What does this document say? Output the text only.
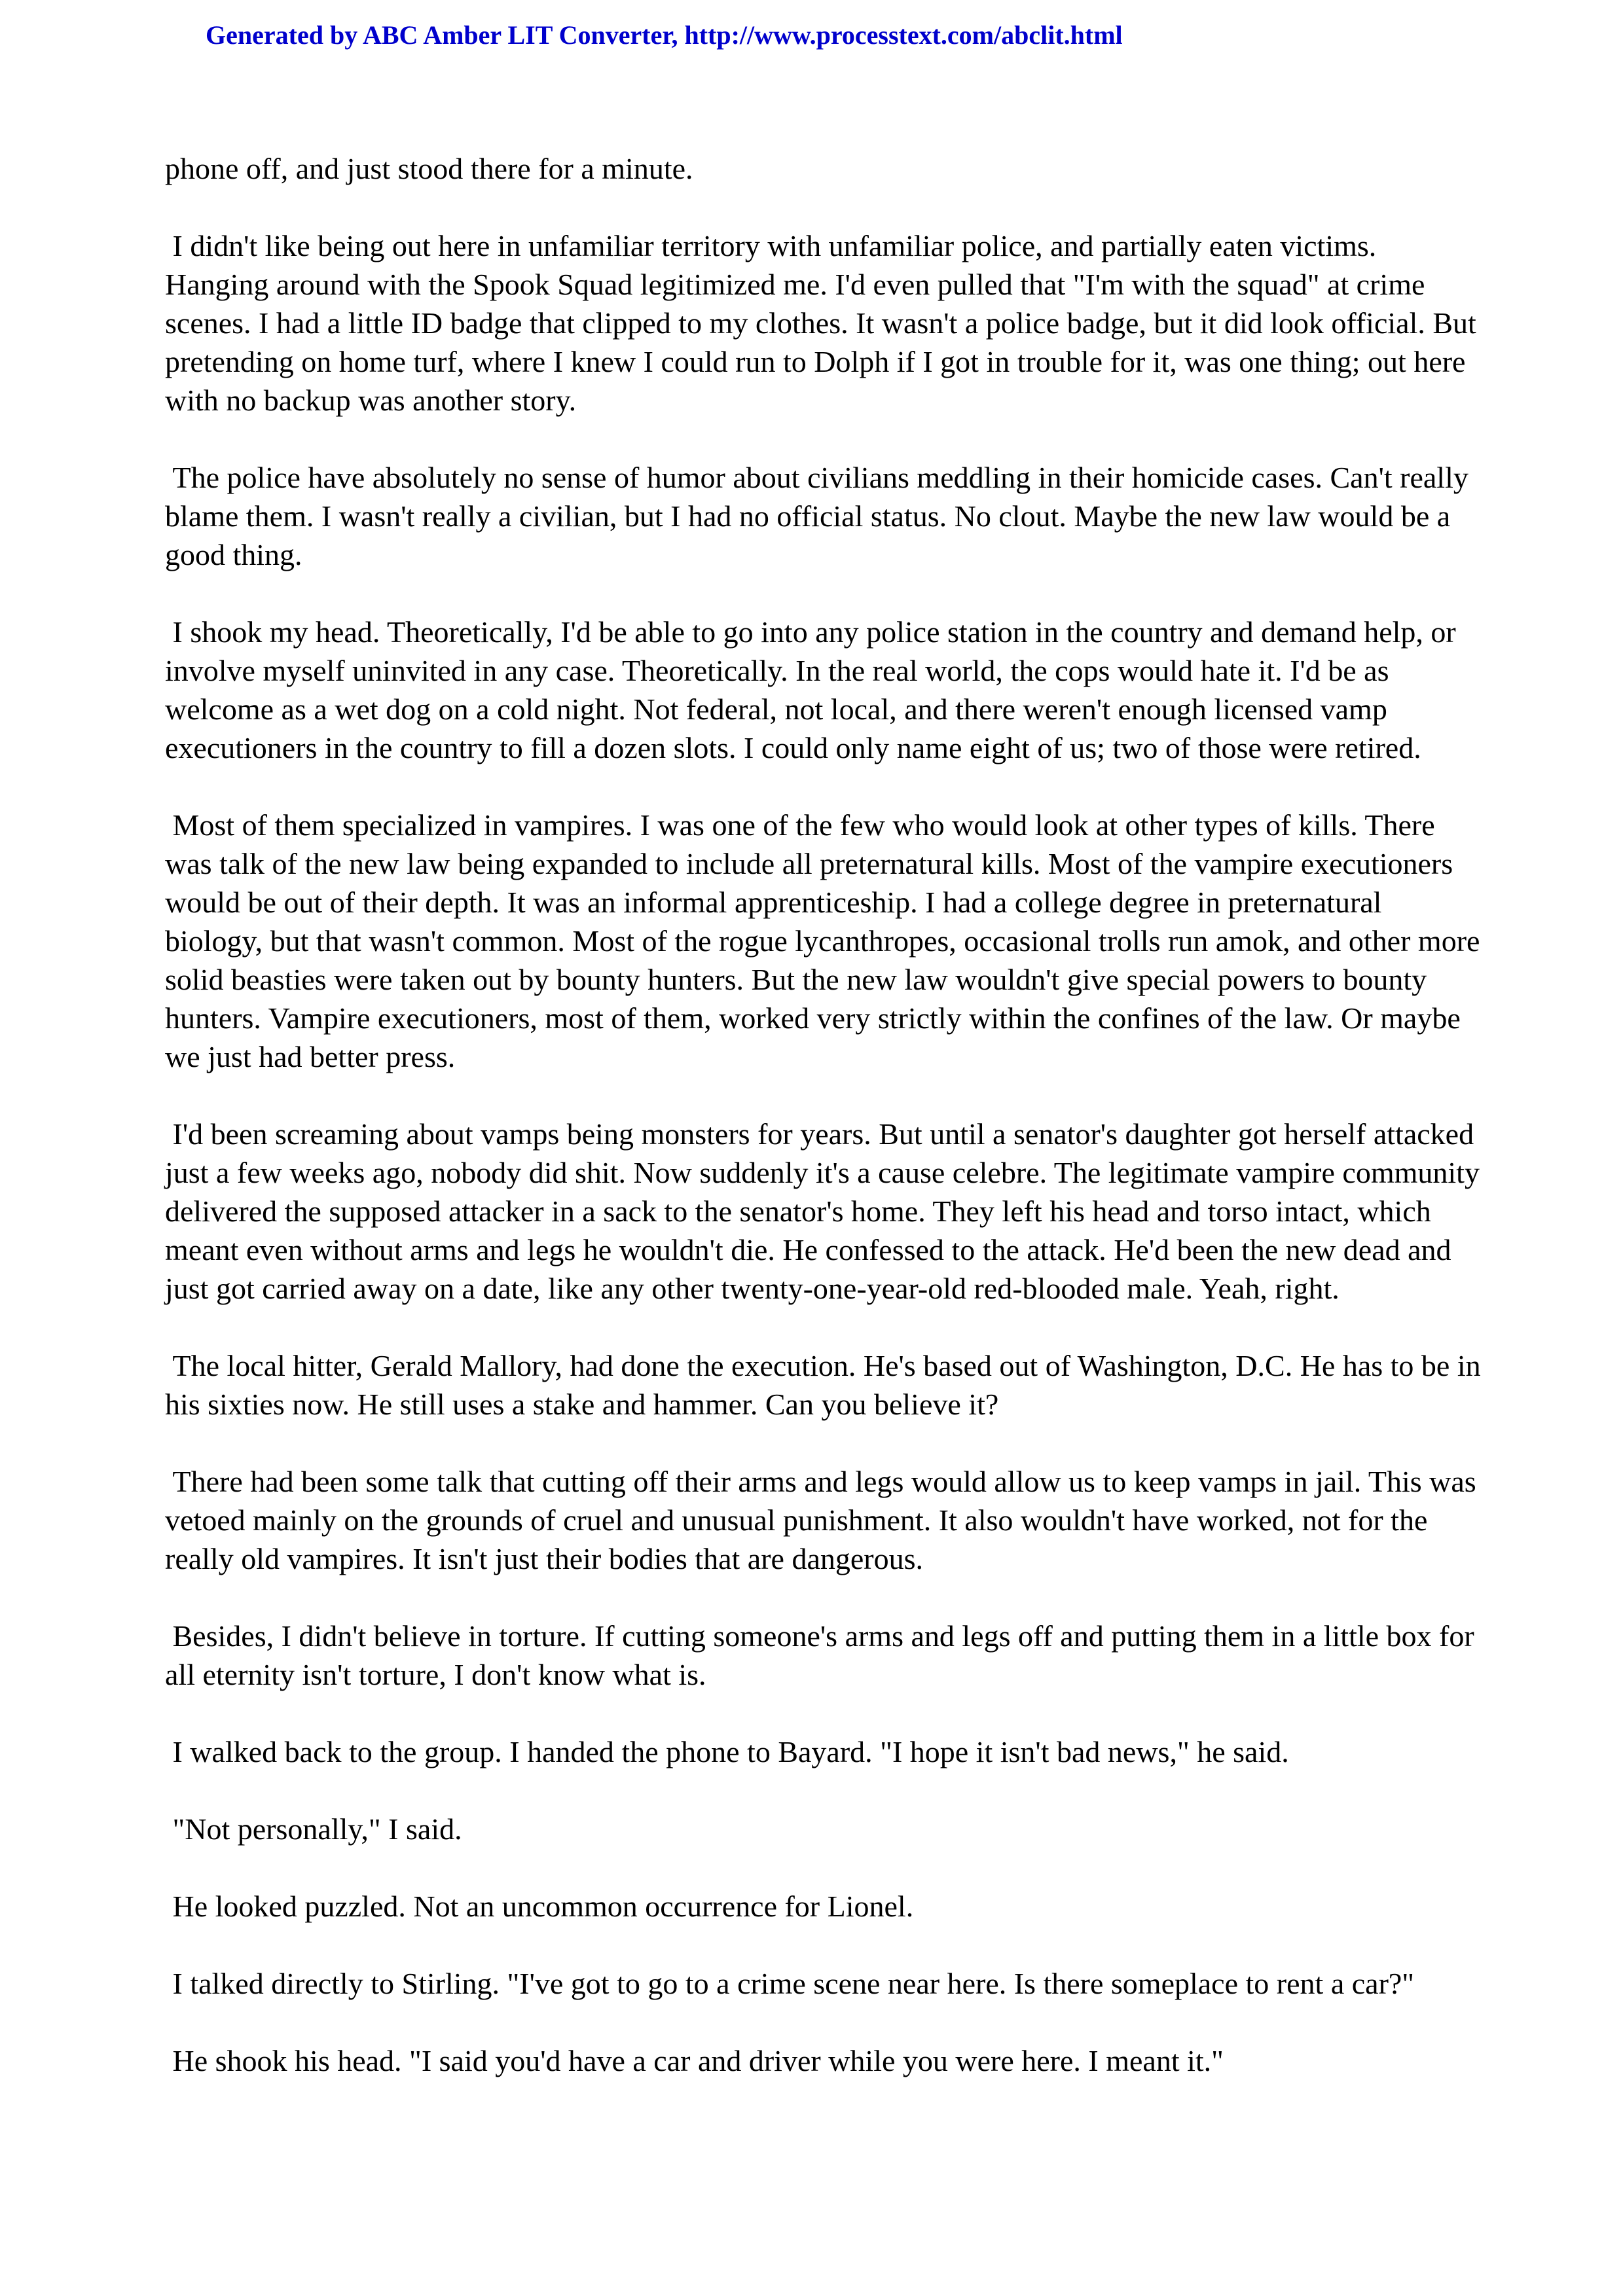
Generated by ABC Amber LIT Converter, http://www.processtext.com/abclit.html

phone off, and just stood there for a minute.

I didn't like being out here in unfamiliar territory with unfamiliar police, and partially eaten victims. Hanging around with the Spook Squad legitimized me. I'd even pulled that "I'm with the squad" at crime scenes. I had a little ID badge that clipped to my clothes. It wasn't a police badge, but it did look official. But pretending on home turf, where I knew I could run to Dolph if I got in trouble for it, was one thing; out here with no backup was another story.

The police have absolutely no sense of humor about civilians meddling in their homicide cases. Can't really blame them. I wasn't really a civilian, but I had no official status. No clout. Maybe the new law would be a good thing.

I shook my head. Theoretically, I'd be able to go into any police station in the country and demand help, or involve myself uninvited in any case. Theoretically. In the real world, the cops would hate it. I'd be as welcome as a wet dog on a cold night. Not federal, not local, and there weren't enough licensed vamp executioners in the country to fill a dozen slots. I could only name eight of us; two of those were retired.

Most of them specialized in vampires. I was one of the few who would look at other types of kills. There was talk of the new law being expanded to include all preternatural kills. Most of the vampire executioners would be out of their depth. It was an informal apprenticeship. I had a college degree in preternatural biology, but that wasn't common. Most of the rogue lycanthropes, occasional trolls run amok, and other more solid beasties were taken out by bounty hunters. But the new law wouldn't give special powers to bounty hunters. Vampire executioners, most of them, worked very strictly within the confines of the law. Or maybe we just had better press.

I'd been screaming about vamps being monsters for years. But until a senator's daughter got herself attacked just a few weeks ago, nobody did shit. Now suddenly it's a cause celebre. The legitimate vampire community delivered the supposed attacker in a sack to the senator's home. They left his head and torso intact, which meant even without arms and legs he wouldn't die. He confessed to the attack. He'd been the new dead and just got carried away on a date, like any other twenty-one-year-old red-blooded male. Yeah, right.

The local hitter, Gerald Mallory, had done the execution. He's based out of Washington, D.C. He has to be in his sixties now. He still uses a stake and hammer. Can you believe it?

There had been some talk that cutting off their arms and legs would allow us to keep vamps in jail. This was vetoed mainly on the grounds of cruel and unusual punishment. It also wouldn't have worked, not for the really old vampires. It isn't just their bodies that are dangerous.

Besides, I didn't believe in torture. If cutting someone's arms and legs off and putting them in a little box for all eternity isn't torture, I don't know what is.

I walked back to the group. I handed the phone to Bayard. "I hope it isn't bad news," he said.

"Not personally," I said.

He looked puzzled. Not an uncommon occurrence for Lionel.

I talked directly to Stirling. "I've got to go to a crime scene near here. Is there someplace to rent a car?"

He shook his head. "I said you'd have a car and driver while you were here. I meant it."
